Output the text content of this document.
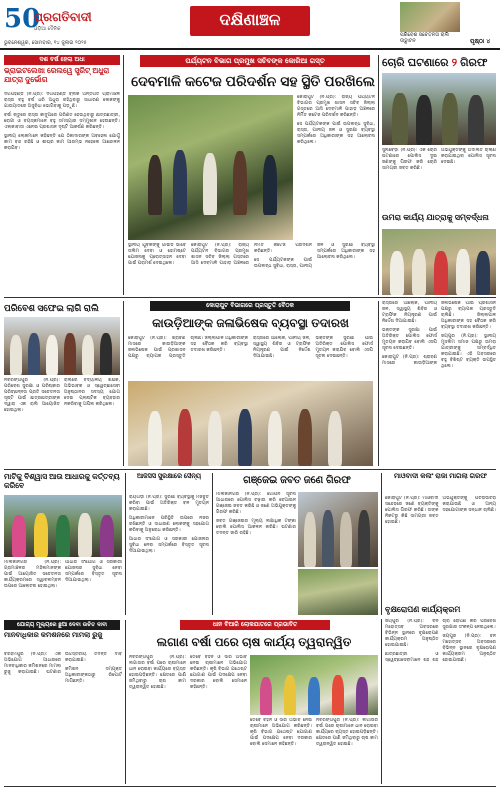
50
ପ୍ରଗତିବାଦୀ
ଓଡ଼ିଆ ଦୈନିକ
ଭୁବନେଶ୍ୱର, ସୋମବାର, ୧୪ ଜୁଲାଇ ୨୦୨୫
ଦକ୍ଷିଣାଞ୍ଚଳ
ପରିବେଶ ସଚେତନତା ରାଲି ଉଦ୍ଘାଟନ	ପୃଷ୍ଠା ୪
ଦଶ ବର୍ଷ ହେଲା ଅଧା
ଭ୍ରାଇଟଲେଖା ରେଲୱେ ସ୍ତ୍ରିଟ୍ ଅଧୁରା ଯାତ୍ରା ଦୁର୍ଭୋଗ

ଦିଗପହଣ୍ଡି (ନି.ପ୍ର): ଦିଗପହଣ୍ଡି ବ୍ଲକ ଅନ୍ତର୍ଗତ ଗ୍ରାମାଞ୍ଚଳ ରାସ୍ତା ବହୁ ବର୍ଷ ଧରି ଅଧୁରା ରହିଥିବାରୁ ସାଧାରଣ ଲୋକଙ୍କୁ ଯାତାୟାତରେ ଅସୁବିଧା ଭୋଗିବାକୁ ପଡ଼ୁଛି।

ବର୍ଷା ଋତୁରେ ରାସ୍ତା କାଦୁଅରେ ପରିଣତ ହେଉଥିବାରୁ ଛାତ୍ରଛାତ୍ରୀ, ରୋଗୀ ଓ ବୟସ୍କମାନେ ବହୁ ସମସ୍ୟାର ସମ୍ମୁଖୀନ ହେଉଛନ୍ତି। ଏଲାକାବାସୀ ଏନେଇ ପ୍ରଶାସନ ଦୃଷ୍ଟି ଆକର୍ଷଣ କରିଛନ୍ତି।

ସ୍ଥାନୀୟ ଲୋକମାନେ କହିଛନ୍ତି ଯେ ଠିକାଦାରଙ୍କ ଅବହେଳା ଯୋଗୁଁ କାମ ବନ୍ଦ ରହିଛି ଓ ଶୀଘ୍ର କାମ ଆରମ୍ଭ ନହେଲେ ଆନ୍ଦୋଳନ କରାଯିବ।

ପର୍ଯ୍ୟଟନ ବିଭାଗ ପ୍ରମୁଖ ସଚିବଙ୍କ କୋରିଆ ଗସ୍ତ
ଦେବମାଳି କଟେଜ ପରିଦର୍ଶନ ସହ ସ୍ଥିତି ପରଖିଲେ

କୋରାପୁଟ (ନି.ପ୍ର): ରାଜ୍ୟ ପର୍ଯ୍ୟଟନ ବିଭାଗର ପ୍ରମୁଖ ଶାସନ ସଚିବ ଜିଲ୍ଲା ଗସ୍ତରେ ଆସି ଦେବମାଳି ପାହାଡ଼ ଅଞ୍ଚଳରେ ନିର୍ମିତ କଟେଜ ପରିଦର୍ଶନ କରିଛନ୍ତି।

ସେ ପର୍ଯ୍ୟଟକଙ୍କ ପାଇଁ ଉପଲବ୍ଧ ସୁବିଧା, ରାସ୍ତା, ପାନୀୟ ଜଳ ଓ ସୁରକ୍ଷା ବ୍ୟବସ୍ଥା ସମ୍ପର୍କରେ ଅଧିକାରୀଙ୍କ ସହ ଆଲୋଚନା କରିଥିଲେ।

ସ୍ଥାନୀୟ ଯୁବକଙ୍କୁ ଗାଇଡ ଭାବେ ତାଲିମ ଦେବା ଓ ହୋମଷ୍ଟେ ଯୋଜନାକୁ ପ୍ରୋତ୍ସାହନ ଦେବା ପାଇଁ ପରାମର୍ଶ ଦେଇଥିଲେ।

କୋରାପୁଟ (ନି.ପ୍ର): ରାଜ୍ୟ ପର୍ଯ୍ୟଟନ ବିଭାଗର ପ୍ରମୁଖ ଶାସନ ସଚିବ ଜିଲ୍ଲା ଗସ୍ତରେ ଆସି ଦେବମାଳି ପାହାଡ଼ ଅଞ୍ଚଳରେ ନିର୍ମିତ କଟେଜ ପରିଦର୍ଶନ କରିଛନ୍ତି।

ସେ ପର୍ଯ୍ୟଟକଙ୍କ ପାଇଁ ଉପଲବ୍ଧ ସୁବିଧା, ରାସ୍ତା, ପାନୀୟ ଜଳ ଓ ସୁରକ୍ଷା ବ୍ୟବସ୍ଥା ସମ୍ପର୍କରେ ଅଧିକାରୀଙ୍କ ସହ ଆଲୋଚନା କରିଥିଲେ।

ଚୋରି ଘଟଣାରେ ୨ ଗିରଫ

ସୁନାବେଡ଼ା (ନି.ପ୍ର): ଏକ ଚୋରି ଘଟଣାରେ ପୋଲିସ ଦୁଇ ଜଣଙ୍କୁ ଗିରଫ କରି ଚୋରି ସାମଗ୍ରୀ ଜବତ କରିଛି।

ଅଭିଯୁକ୍ତଙ୍କୁ ଅଦାଲତ ଚାଲାଣ କରାଯାଇଥିବା ପୋଲିସ ସୂଚନା ଦେଇଛି।

ଉମରା କାର୍ଯ୍ୟ ଯାତ୍ରାକୁ ସମ୍ବର୍ଦ୍ଧନା
ପରିବେଶ ସଫେଇ ଲାଗି ରାଲି

ନବରଙ୍ଗପୁର (ନି.ପ୍ର): ପରିବେଶ ସୁରକ୍ଷା ଓ ପରିଷ୍କାର ପରିଚ୍ଛନ୍ନତା ପ୍ରତି ସଚେତନତା ସୃଷ୍ଟି ପାଇଁ ଛାତ୍ରଛାତ୍ରୀଙ୍କ ଦ୍ୱାରା ଏକ ରାଲି ଆୟୋଜିତ ହୋଇଥିଲା।

ରାଲିରେ ବିଦ୍ୟାଳୟ ଶିକ୍ଷକ, ଅଭିଭାବକ ଓ ସ୍ୱେଚ୍ଛାସେବୀ ଅନୁଷ୍ଠାନର ସଦସ୍ୟ ଯୋଗ ଦେଇ ପ୍ଲାଷ୍ଟିକ ବ୍ୟବହାର ନକରିବାକୁ ଅପିଲ କରିଥିଲେ।

କୋରାପୁଟ ବିଭାଗରେ ପ୍ରସ୍ତୁତି ବୈଠକ
କାଉଡ଼ିଆଙ୍କ ଜଳାଭିଷେକ ବ୍ୟବସ୍ଥା ତଦାରଖ

କୋରାପୁଟ (ନି.ପ୍ର): ଶ୍ରାବଣ ମାସରେ କାଉଡ଼ିଆଙ୍କ ଜଳାଭିଷେକ ପାଇଁ ପ୍ରଶାସନ ପକ୍ଷରୁ ବ୍ୟାପକ ପ୍ରସ୍ତୁତି ଚାଲିଛି। ଜିଲ୍ଲାପାଳ ଅଧିକାରୀଙ୍କ ସହ ବୈଠକ କରି ବ୍ୟବସ୍ଥା ତଦାରଖ କରିଛନ୍ତି।

ରାସ୍ତାରେ ଆଲୋକ, ପାନୀୟ ଜଳ, ସ୍ୱାସ୍ଥ୍ୟ ଶିବିର ଓ ଟ୍ରାଫିକ ନିୟନ୍ତ୍ରଣ ପାଇଁ ନିର୍ଦ୍ଦେଶ ଦିଆଯାଇଛି।

ଭକ୍ତଙ୍କ ସୁରକ୍ଷା ପାଇଁ ଅତିରିକ୍ତ ପୋଲିସ ଫୋର୍ସ ମୁତୟନ କରାଯିବ ବୋଲି ଏସପି ସୂଚନା ଦେଇଛନ୍ତି।

ରାସ୍ତାରେ ଆଲୋକ, ପାନୀୟ ଜଳ, ସ୍ୱାସ୍ଥ୍ୟ ଶିବିର ଓ ଟ୍ରାଫିକ ନିୟନ୍ତ୍ରଣ ପାଇଁ ନିର୍ଦ୍ଦେଶ ଦିଆଯାଇଛି।

ଭକ୍ତଙ୍କ ସୁରକ୍ଷା ପାଇଁ ଅତିରିକ୍ତ ପୋଲିସ ଫୋର୍ସ ମୁତୟନ କରାଯିବ ବୋଲି ଏସପି ସୂଚନା ଦେଇଛନ୍ତି।

କୋରାପୁଟ (ନି.ପ୍ର): ଶ୍ରାବଣ ମାସରେ କାଉଡ଼ିଆଙ୍କ ଜଳାଭିଷେକ ପାଇଁ ପ୍ରଶାସନ ପକ୍ଷରୁ ବ୍ୟାପକ ପ୍ରସ୍ତୁତି ଚାଲିଛି। ଜିଲ୍ଲାପାଳ ଅଧିକାରୀଙ୍କ ସହ ବୈଠକ କରି ବ୍ୟବସ୍ଥା ତଦାରଖ କରିଛନ୍ତି।

ଜୟପୁର (ନି.ପ୍ର): ସ୍ଥାନୀୟ ମୁସଲିମ ସମାଜ ପକ୍ଷରୁ ଉମରା ଯାତ୍ରୀଙ୍କୁ ସମ୍ବର୍ଦ୍ଧିତ କରାଯାଇଛି। ଏହି ଅବସରରେ ବହୁ ବିଶିଷ୍ଟ ବ୍ୟକ୍ତି ଉପସ୍ଥିତ ଥିଲେ।

ମାଟିକୁ ବିଶ୍ୱାସ ଆଉ ଆଧାରକୁ କର୍ତ୍ତବ୍ୟ କରିବେ

ମାଲକାନଗିରି (ନି.ପ୍ର): ଗ୍ରାମାଞ୍ଚଳର ମହିଳାମାନଙ୍କ ପାଇଁ ଆୟୋଜିତ ସଚେତନତା କାର୍ଯ୍ୟକ୍ରମରେ ସ୍ୱାବଲମ୍ବନ ଉପରେ ଆଲୋଚନା ହୋଇଥିଲା।

ଆଧାର ସଂଯୋଗ ଓ ସରକାରୀ ଯୋଜନାର ସୁବିଧା ନେବା ସମ୍ପର୍କରେ ବିସ୍ତୃତ ସୂଚନା ଦିଆଯାଇଥିଲା।

ଆଜିସିସି ସୁରକ୍ଷାରେ ସୈନ୍ୟ

ରାୟଗଡ଼ା (ନି.ପ୍ର): ସୁରକ୍ଷା ବ୍ୟବସ୍ଥାକୁ ମଜବୁତ କରିବା ପାଇଁ ଅତିରିକ୍ତ ବଳ ମୁତୟନ କରାଯାଇଛି।

ଅଧିକାରୀମାନେ ପରିସ୍ଥିତି ଉପରେ ନଜର ରଖିଛନ୍ତି ଓ ସାଧାରଣ ଲୋକଙ୍କୁ ସହଯୋଗ କରିବାକୁ ଅନୁରୋଧ କରିଛନ୍ତି।

ଆଧାର ସଂଯୋଗ ଓ ସରକାରୀ ଯୋଜନାର ସୁବିଧା ନେବା ସମ୍ପର୍କରେ ବିସ୍ତୃତ ସୂଚନା ଦିଆଯାଇଥିଲା।

ଗଞ୍ଜେଇ ଜବତ ଜଣେ ଗିରଫ

ମାଲକାନଗିରି (ନି.ପ୍ର): ଗୋପନ ସୂଚନା ଆଧାରରେ ପୋଲିସ ଚଢ଼ାଉ କରି ବେଆଇନ ଗଞ୍ଜେଇ ଜବତ କରିଛି ଓ ଜଣେ ଅଭିଯୁକ୍ତଙ୍କୁ ଗିରଫ କରିଛି।

ଜବତ ଗଞ୍ଜେଇର ମୂଲ୍ୟ ଲକ୍ଷାଧିକ ଟଙ୍କା ବୋଲି ପୋଲିସ ଆକଳନ କରିଛି। ଘଟଣାର ତଦନ୍ତ ଜାରି ରହିଛି।

ମାଓବାଦୀ କଲିଂ ରାଜା ମାଗିଲା ଗିରଫ

କୋରାପୁଟ (ନି.ପ୍ର): ମାଓବାଦୀ ସନ୍ଦେହରେ ଜଣେ ବ୍ୟକ୍ତିଙ୍କୁ ପୋଲିସ ଗିରଫ କରିଛି। ତାଙ୍କ ନିକଟରୁ କିଛି ସାମଗ୍ରୀ ଜବତ ହୋଇଛି।

ଅଭିଯୁକ୍ତଙ୍କୁ ପଚରାଉଚରା କରାଯାଉଛି ଓ ଅନ୍ୟ ସହଯୋଗୀଙ୍କ ସନ୍ଧାନ ଚାଲିଛି।

ବୃକ୍ଷରୋପଣ କାର୍ଯ୍ୟକ୍ରମ

ଜୟପୁର (ନି.ପ୍ର): ବନ ମହୋତ୍ସବ ଅବସରରେ ବିଭିନ୍ନ ସ୍ଥାନରେ ବୃକ୍ଷରୋପଣ କାର୍ଯ୍ୟକ୍ରମ ଅନୁଷ୍ଠିତ ହୋଇଯାଇଛି।

ଛାତ୍ରଛାତ୍ରୀ ଓ ସ୍ୱେଚ୍ଛାସେବୀମାନେ ଶହ ଶହ ଚାରା ରୋପଣ କରି ପରିବେଶ ସୁରକ୍ଷାର ସଂକଳ୍ପ ନେଇଥିଲେ।

ଜୟପୁର (ନି.ପ୍ର): ବନ ମହୋତ୍ସବ ଅବସରରେ ବିଭିନ୍ନ ସ୍ଥାନରେ ବୃକ୍ଷରୋପଣ କାର୍ଯ୍ୟକ୍ରମ ଅନୁଷ୍ଠିତ ହୋଇଯାଇଛି।

ଯୋଗ୍ୟ ମୂଲ୍ୟରେ ଛୁଆ ଦେବା ଉଚିତ ଦାବୀ
ମାନବାଧିକାର କମିଶନରେ ମାମଲା ରୁଜୁ

ବରହମପୁର (ନି.ପ୍ର): ଏକ ଅଭିଯୋଗ ଆଧାରରେ ମାନବାଧିକାର କମିଶନରେ ମାମଲା ରୁଜୁ କରାଯାଇଛି। ଘଟଣାର ଉଚ୍ଚସ୍ତରୀୟ ତଦନ୍ତ ଦାବି କରାଯାଇଛି।

କମିଶନ ସମ୍ପୃକ୍ତ ଅଧିକାରୀଙ୍କଠାରୁ ରିପୋର୍ଟ ମାଗିଛନ୍ତି।

ଧାନ ବିଆରି ଲୋକଯାତରେ ପ୍ରଭାବିତ
ଲଗାଣ ବର୍ଷା ପରେ ଚାଷ କାର୍ଯ୍ୟ ତ୍ୱରାନ୍ୱିତ

ନବରଙ୍ଗପୁର (ନି.ପ୍ର): ଲଗାତାର ବର୍ଷା ପରେ ଚାଷୀମାନେ ଧାନ ରୋଇବା କାର୍ଯ୍ୟରେ ବ୍ୟସ୍ତ ହୋଇପଡ଼ିଛନ୍ତି। କ୍ଷେତରେ ପାଣି ଜମିଥିବାରୁ ଚାଷ କାମ ତ୍ୱରାନ୍ୱିତ ହୋଇଛି।

ତେବେ ବିହନ ଓ ସାର ଅଭାବ ନେଇ ଚାଷୀମାନେ ଅଭିଯୋଗ କରିଛନ୍ତି। କୃଷି ବିଭାଗ ଯଥେଷ୍ଟ ଯୋଗାଣ ପାଇଁ ପଦକ୍ଷେପ ନେବା ଦରକାର ବୋଲି ସେମାନେ କହିଛନ୍ତି।

ତେବେ ବିହନ ଓ ସାର ଅଭାବ ନେଇ ଚାଷୀମାନେ ଅଭିଯୋଗ କରିଛନ୍ତି। କୃଷି ବିଭାଗ ଯଥେଷ୍ଟ ଯୋଗାଣ ପାଇଁ ପଦକ୍ଷେପ ନେବା ଦରକାର ବୋଲି ସେମାନେ କହିଛନ୍ତି।

ନବରଙ୍ଗପୁର (ନି.ପ୍ର): ଲଗାତାର ବର୍ଷା ପରେ ଚାଷୀମାନେ ଧାନ ରୋଇବା କାର୍ଯ୍ୟରେ ବ୍ୟସ୍ତ ହୋଇପଡ଼ିଛନ୍ତି। କ୍ଷେତରେ ପାଣି ଜମିଥିବାରୁ ଚାଷ କାମ ତ୍ୱରାନ୍ୱିତ ହୋଇଛି।
